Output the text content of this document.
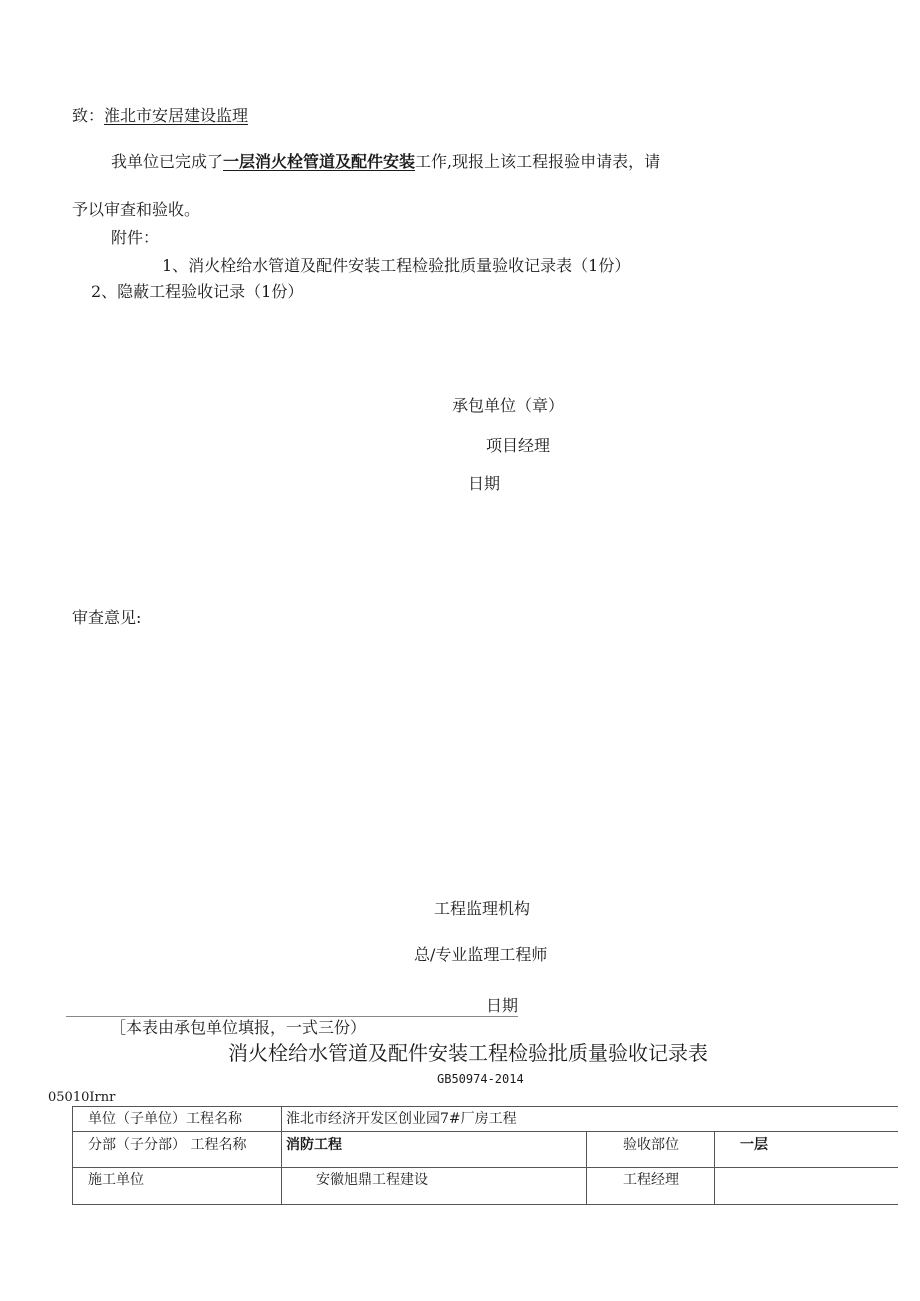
致：淮北市安居建设监理
我单位已完成了一层消火栓管道及配件安装工作,现报上该工程报验申请表，请
予以审查和验收。
附件：
1、消火栓给水管道及配件安装工程检验批质量验收记录表（1份）
2、隐蔽工程验收记录（1份）
承包单位（章）
项目经理
日期
审查意见:
工程监理机构
总/专业监理工程师
日期
［本表由承包单位填报，一式三份）
消火栓给水管道及配件安装工程检验批质量验收记录表
GB50974-2014
05010Irnr
单位（子单位）工程名称	淮北市经济开发区创业园7#厂房工程
分部（子分部） 工程名称	消防工程	验收部位	一层
施工单位	安徽旭鼎工程建设	工程经理
